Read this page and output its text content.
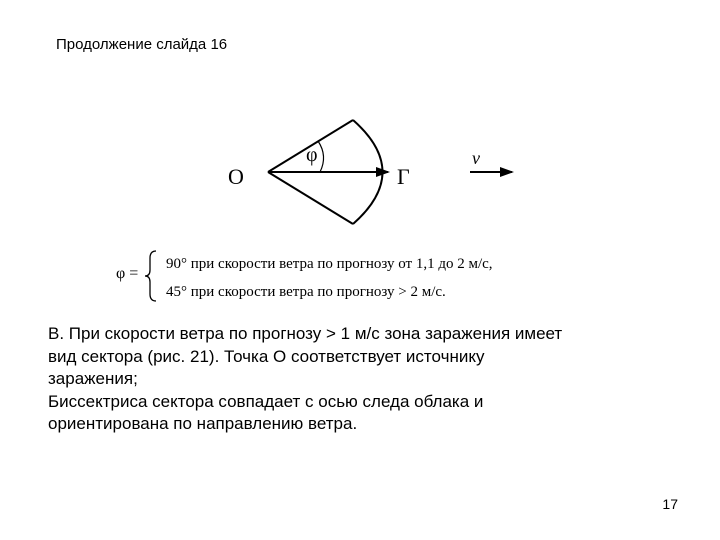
Продолжение слайда 16
O	Г
φ	ν
φ =
90° при скорости ветра по прогнозу от 1,1 до 2 м/с,
45° при скорости ветра по прогнозу > 2 м/с.
В. При скорости ветра по прогнозу > 1 м/с зона заражения имеет
вид сектора (рис. 21). Точка О соответствует источнику
заражения;
Биссектриса сектора совпадает с осью следа облака и
ориентирована по направлению ветра.
17
